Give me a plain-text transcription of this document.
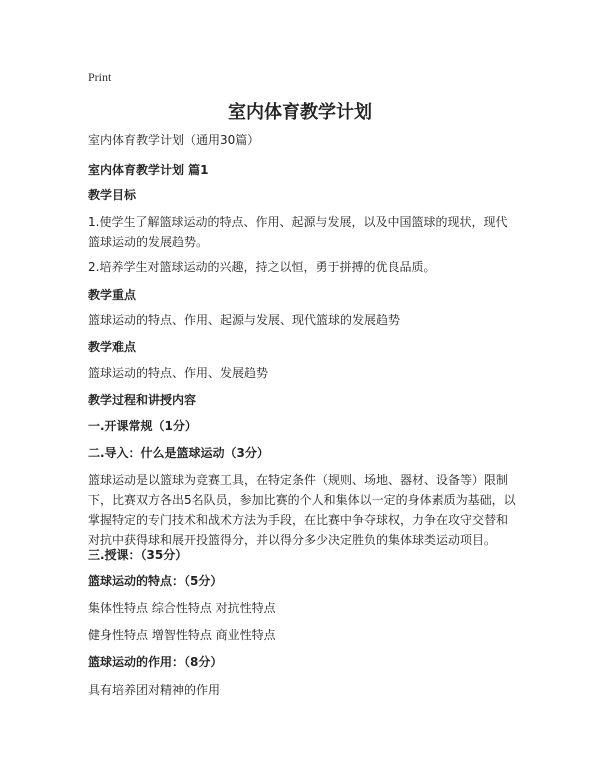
Print
室内体育教学计划

室内体育教学计划（通用30篇）

室内体育教学计划 篇1

教学目标

1.使学生了解篮球运动的特点、作用、起源与发展，以及中国篮球的现状，现代篮球运动的发展趋势。

2.培养学生对篮球运动的兴趣，持之以恒，勇于拼搏的优良品质。

教学重点

篮球运动的特点、作用、起源与发展、现代篮球的发展趋势

教学难点

篮球运动的特点、作用、发展趋势

教学过程和讲授内容

一.开课常规（1分）

二.导入：什么是篮球运动（3分）

篮球运动是以篮球为竞赛工具，在特定条件（规则、场地、器材、设备等）限制下，比赛双方各出5名队员，参加比赛的个人和集体以一定的身体素质为基础，以掌握特定的专门技术和战术方法为手段，在比赛中争夺球权，力争在攻守交替和对抗中获得球和展开投篮得分，并以得分多少决定胜负的集体球类运动项目。

三.授课：（35分）

篮球运动的特点：（5分）

集体性特点 综合性特点 对抗性特点

健身性特点 增智性特点 商业性特点

篮球运动的作用：（8分）

具有培养团对精神的作用
